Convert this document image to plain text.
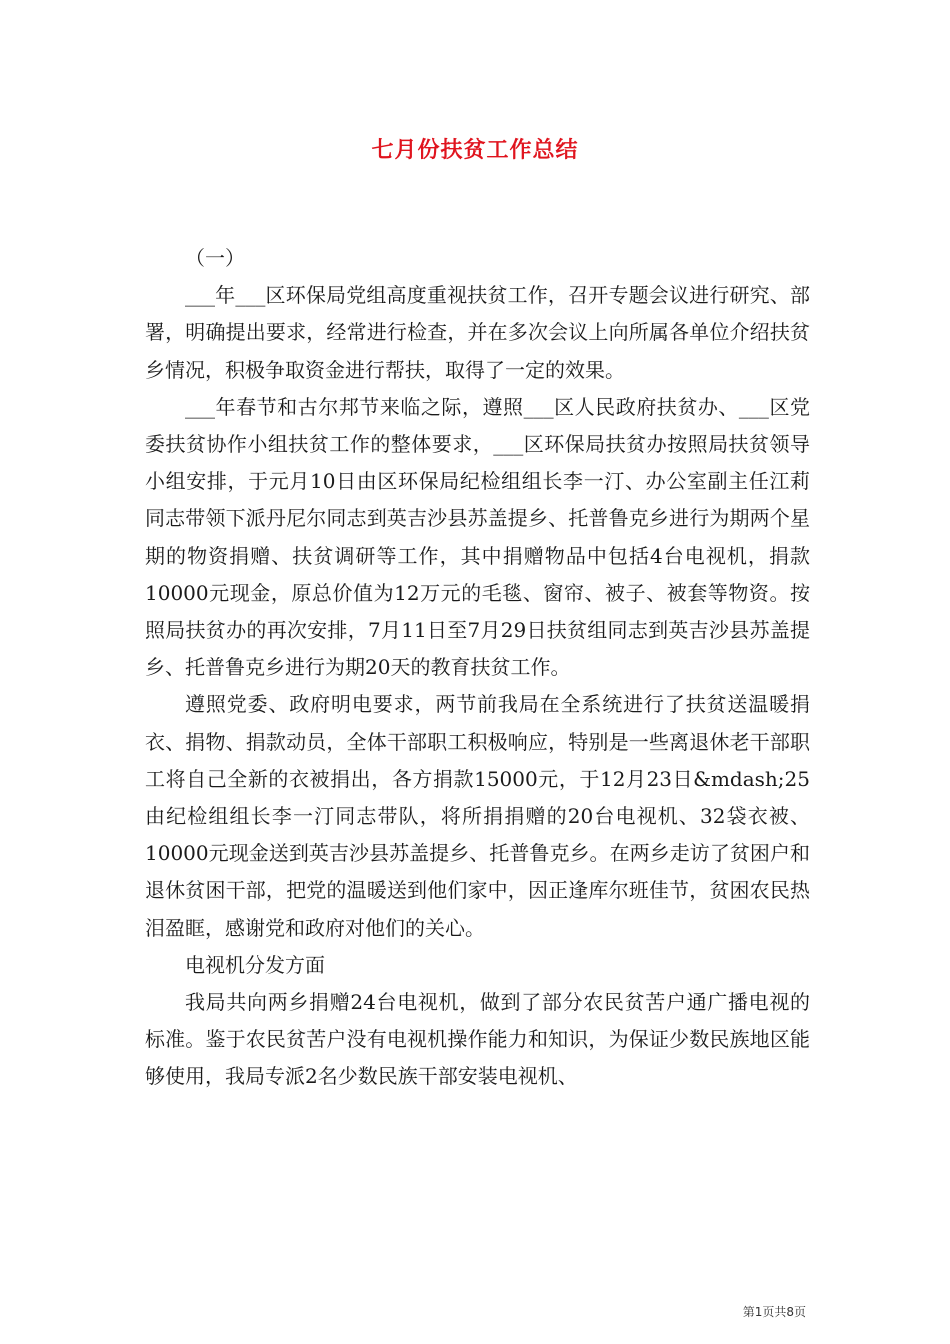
七月份扶贫工作总结

（一）

___年___区环保局党组高度重视扶贫工作，召开专题会议进行研究、部署，明确提出要求，经常进行检查，并在多次会议上向所属各单位介绍扶贫乡情况，积极争取资金进行帮扶，取得了一定的效果。

___年春节和古尔邦节来临之际，遵照___区人民政府扶贫办、___区党委扶贫协作小组扶贫工作的整体要求，___区环保局扶贫办按照局扶贫领导小组安排，于元月10日由区环保局纪检组组长李一汀、办公室副主任江莉同志带领下派丹尼尔同志到英吉沙县苏盖提乡、托普鲁克乡进行为期两个星期的物资捐赠、扶贫调研等工作，其中捐赠物品中包括4台电视机，捐款10000元现金，原总价值为12万元的毛毯、窗帘、被子、被套等物资。按照局扶贫办的再次安排，7月11日至7月29日扶贫组同志到英吉沙县苏盖提乡、托普鲁克乡进行为期20天的教育扶贫工作。

遵照党委、政府明电要求，两节前我局在全系统进行了扶贫送温暖捐衣、捐物、捐款动员，全体干部职工积极响应，特别是一些离退休老干部职工将自己全新的衣被捐出，各方捐款15000元，于12月23日&mdash;25由纪检组组长李一汀同志带队，将所捐捐赠的20台电视机、32袋衣被、10000元现金送到英吉沙县苏盖提乡、托普鲁克乡。在两乡走访了贫困户和退休贫困干部，把党的温暖送到他们家中，因正逢库尔班佳节，贫困农民热泪盈眶，感谢党和政府对他们的关心。

电视机分发方面

我局共向两乡捐赠24台电视机，做到了部分农民贫苦户通广播电视的标准。鉴于农民贫苦户没有电视机操作能力和知识，为保证少数民族地区能够使用，我局专派2名少数民族干部安装电视机、

第1页共8页
